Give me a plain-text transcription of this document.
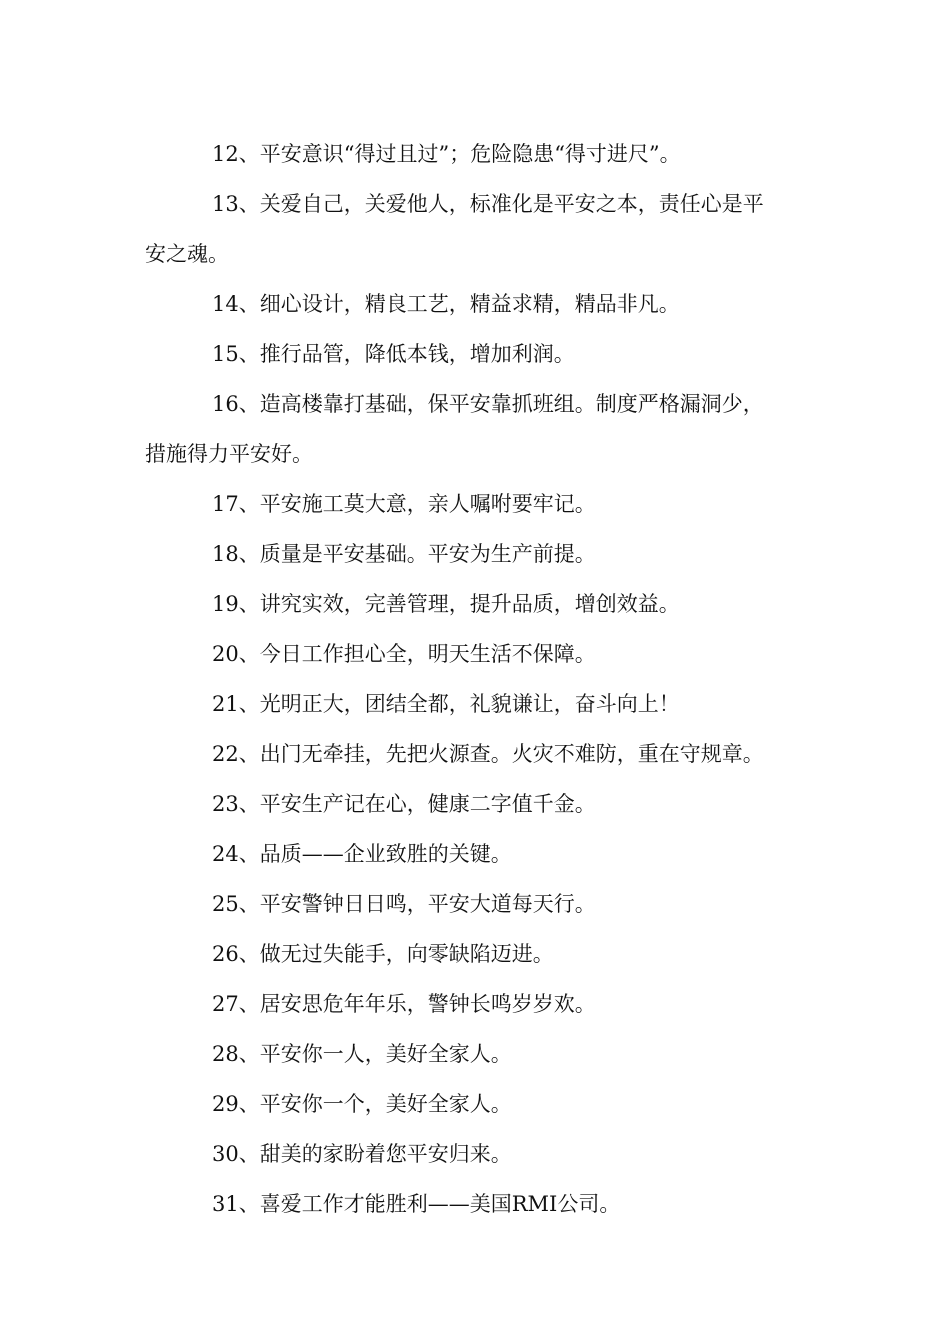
12、平安意识“得过且过”；危险隐患“得寸进尺”。

13、关爱自己，关爱他人，标准化是平安之本，责任心是平
安之魂。

14、细心设计，精良工艺，精益求精，精品非凡。

15、推行品管，降低本钱，增加利润。

16、造高楼靠打基础，保平安靠抓班组。制度严格漏洞少，
措施得力平安好。

17、平安施工莫大意，亲人嘱咐要牢记。

18、质量是平安基础。平安为生产前提。

19、讲究实效，完善管理，提升品质，增创效益。

20、今日工作担心全，明天生活不保障。

21、光明正大，团结全都，礼貌谦让，奋斗向上！

22、出门无牵挂，先把火源查。火灾不难防，重在守规章。

23、平安生产记在心，健康二字值千金。

24、品质——企业致胜的关键。

25、平安警钟日日鸣，平安大道每天行。

26、做无过失能手，向零缺陷迈进。

27、居安思危年年乐，警钟长鸣岁岁欢。

28、平安你一人，美好全家人。

29、平安你一个，美好全家人。

30、甜美的家盼着您平安归来。

31、喜爱工作才能胜利——美国RMI公司。
